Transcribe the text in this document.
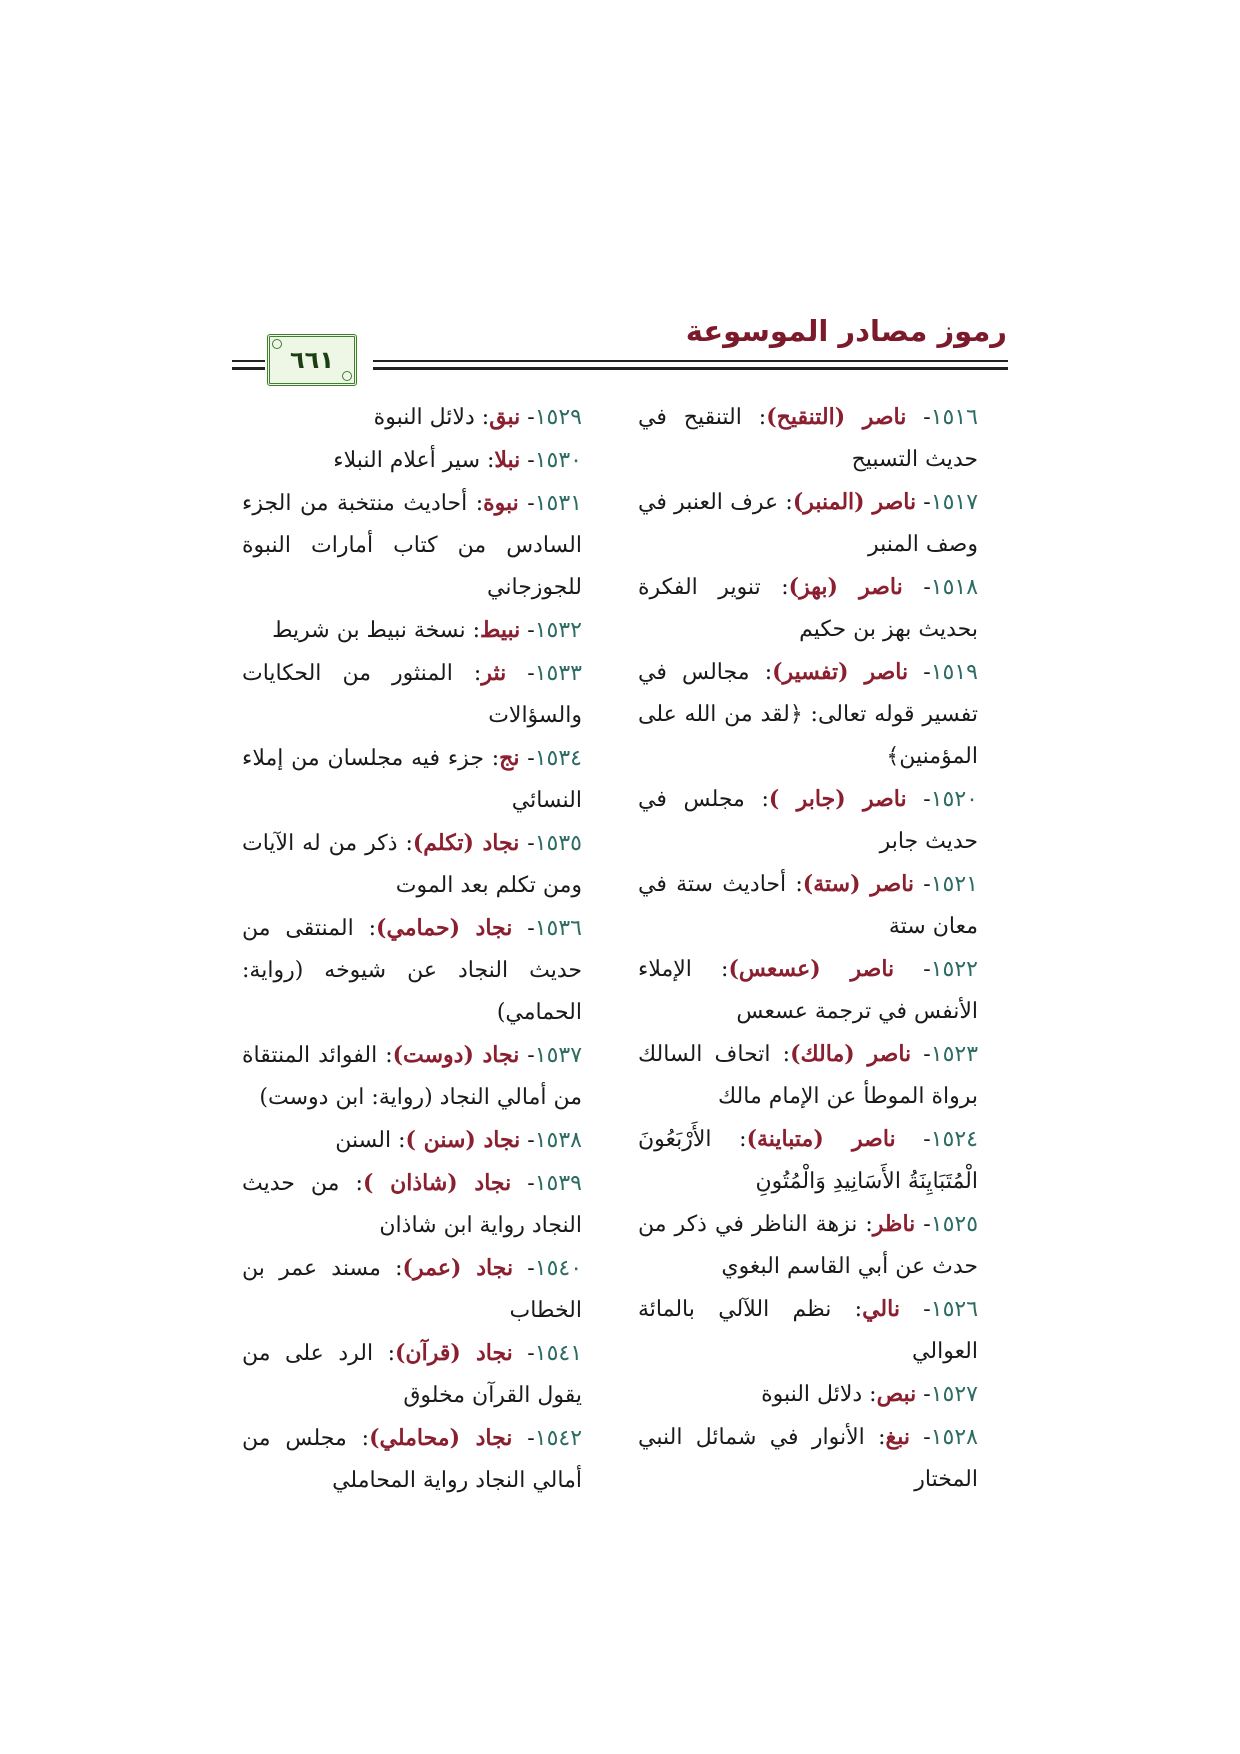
رموز مصادر الموسوعة
٦٦١

١٥١٦- ناصر (التنقيح): التنقيح في حديث التسبيح

١٥١٧- ناصر (المنبر): عرف العنبر في وصف المنبر

١٥١٨- ناصر (بهز): تنوير الفكرة بحديث بهز بن حكيم

١٥١٩- ناصر (تفسير): مجالس في تفسير قوله تعالى: ﴿لقد من الله على المؤمنين﴾

١٥٢٠- ناصر (جابر ): مجلس في حديث جابر

١٥٢١- ناصر (ستة): أحاديث ستة في معان ستة

١٥٢٢- ناصر (عسعس): الإملاء الأنفس في ترجمة عسعس

١٥٢٣- ناصر (مالك): اتحاف السالك برواة الموطأ عن الإمام مالك

١٥٢٤- ناصر (متباينة): الأَرْبَعُونَ الْمُتَبَايِنَةُ الأَسَانِيدِ وَالْمُتُونِ

١٥٢٥- ناظر: نزهة الناظر في ذكر من حدث عن أبي القاسم البغوي

١٥٢٦- نالي: نظم اللآلي بالمائة العوالي

١٥٢٧- نبص: دلائل النبوة

١٥٢٨- نبغ: الأنوار في شمائل النبي المختار

١٥٢٩- نبق: دلائل النبوة

١٥٣٠- نبلا: سير أعلام النبلاء

١٥٣١- نبوة: أحاديث منتخبة من الجزء السادس من كتاب أمارات النبوة للجوزجاني

١٥٣٢- نبيط: نسخة نبيط بن شريط

١٥٣٣- نثر: المنثور من الحكايات والسؤالات

١٥٣٤- نج: جزء فيه مجلسان من إملاء النسائي

١٥٣٥- نجاد (تكلم): ذكر من له الآيات ومن تكلم بعد الموت

١٥٣٦- نجاد (حمامي): المنتقى من حديث النجاد عن شيوخه (رواية: الحمامي)

١٥٣٧- نجاد (دوست): الفوائد المنتقاة من أمالي النجاد (رواية: ابن دوست)

١٥٣٨- نجاد (سنن ): السنن

١٥٣٩- نجاد (شاذان ): من حديث النجاد رواية ابن شاذان

١٥٤٠- نجاد (عمر): مسند عمر بن الخطاب

١٥٤١- نجاد (قرآن): الرد على من يقول القرآن مخلوق

١٥٤٢- نجاد (محاملي): مجلس من أمالي النجاد رواية المحاملي
